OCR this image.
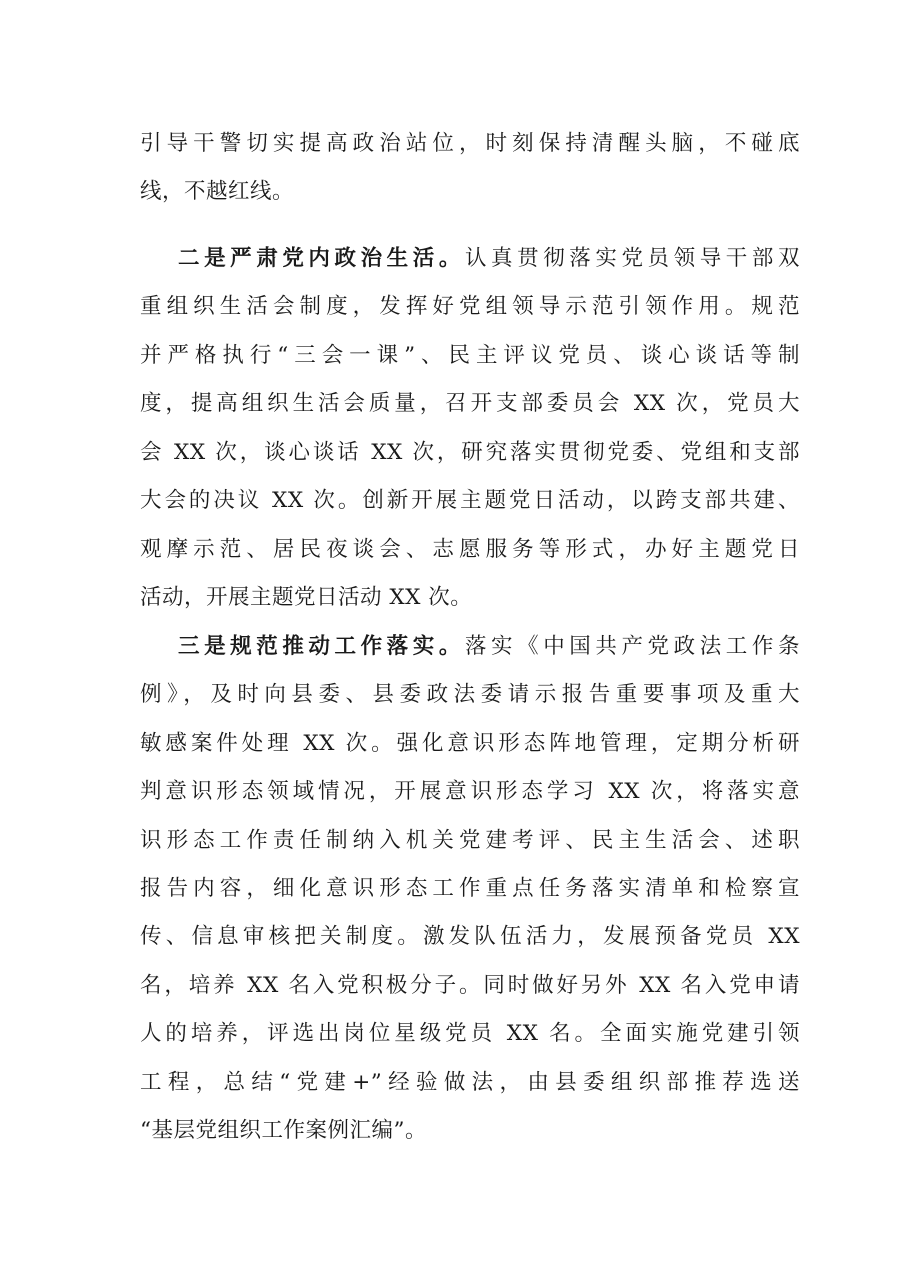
引导干警切实提高政治站位，时刻保持清醒头脑，不碰底
线，不越红线。
二是严肃党内政治生活。认真贯彻落实党员领导干部双
重组织生活会制度，发挥好党组领导示范引领作用。规范
并严格执行“三会一课”、民主评议党员、谈心谈话等制
度，提高组织生活会质量，召开支部委员会 XX 次，党员大
会 XX 次，谈心谈话 XX 次，研究落实贯彻党委、党组和支部
大会的决议 XX 次。创新开展主题党日活动，以跨支部共建、
观摩示范、居民夜谈会、志愿服务等形式，办好主题党日
活动，开展主题党日活动 XX 次。
三是规范推动工作落实。落实《中国共产党政法工作条
例》，及时向县委、县委政法委请示报告重要事项及重大
敏感案件处理 XX 次。强化意识形态阵地管理，定期分析研
判意识形态领域情况，开展意识形态学习 XX 次，将落实意
识形态工作责任制纳入机关党建考评、民主生活会、述职
报告内容，细化意识形态工作重点任务落实清单和检察宣
传、信息审核把关制度。激发队伍活力，发展预备党员 XX
名，培养 XX 名入党积极分子。同时做好另外 XX 名入党申请
人的培养，评选出岗位星级党员 XX 名。全面实施党建引领
工程，总结“党建+”经验做法，由县委组织部推荐选送
“基层党组织工作案例汇编”。
